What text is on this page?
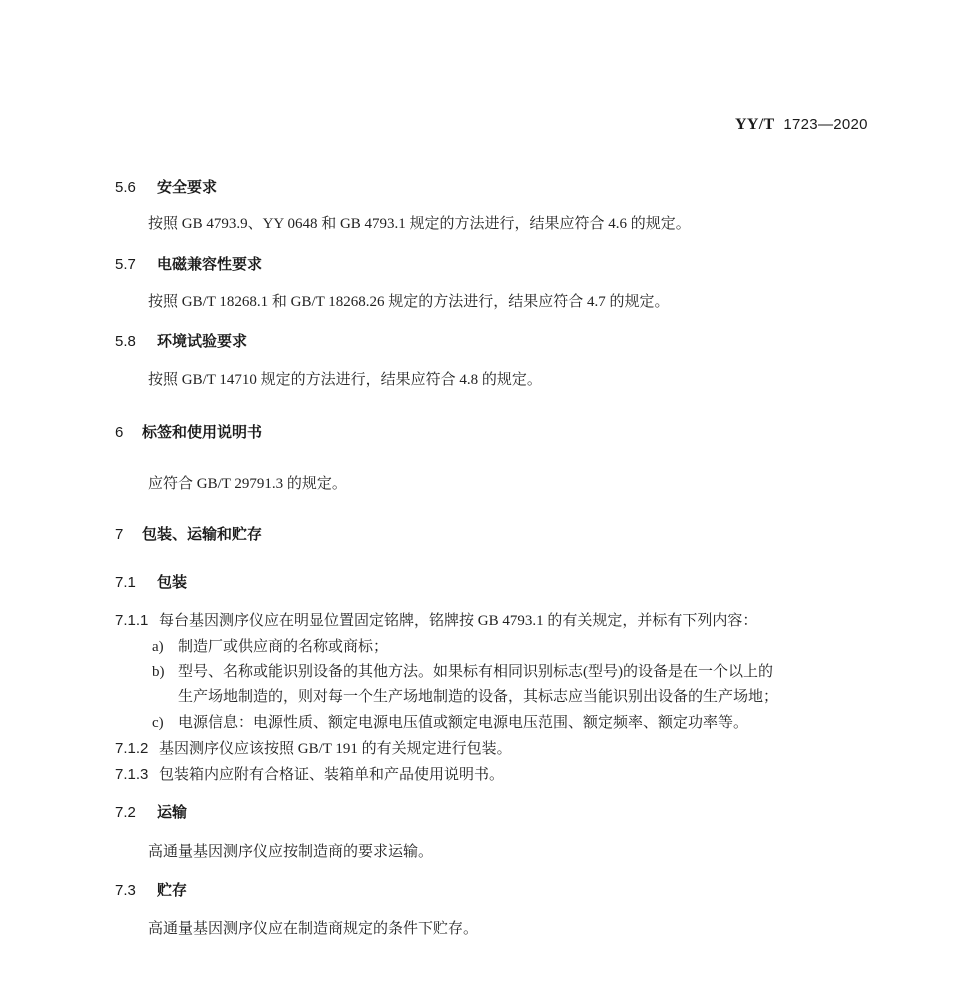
YY/T 1723—2020
5.6 安全要求
按照 GB 4793.9、YY 0648 和 GB 4793.1 规定的方法进行，结果应符合 4.6 的规定。
5.7 电磁兼容性要求
按照 GB/T 18268.1 和 GB/T 18268.26 规定的方法进行，结果应符合 4.7 的规定。
5.8 环境试验要求
按照 GB/T 14710 规定的方法进行，结果应符合 4.8 的规定。
6 标签和使用说明书
应符合 GB/T 29791.3 的规定。
7 包装、运输和贮存
7.1 包装
7.1.1 每台基因测序仪应在明显位置固定铭牌，铭牌按 GB 4793.1 的有关规定，并标有下列内容：
a) 制造厂或供应商的名称或商标；
b) 型号、名称或能识别设备的其他方法。如果标有相同识别标志(型号)的设备是在一个以上的
生产场地制造的，则对每一个生产场地制造的设备，其标志应当能识别出设备的生产场地；
c) 电源信息：电源性质、额定电源电压值或额定电源电压范围、额定频率、额定功率等。
7.1.2 基因测序仪应该按照 GB/T 191 的有关规定进行包装。
7.1.3 包装箱内应附有合格证、装箱单和产品使用说明书。
7.2 运输
高通量基因测序仪应按制造商的要求运输。
7.3 贮存
高通量基因测序仪应在制造商规定的条件下贮存。
